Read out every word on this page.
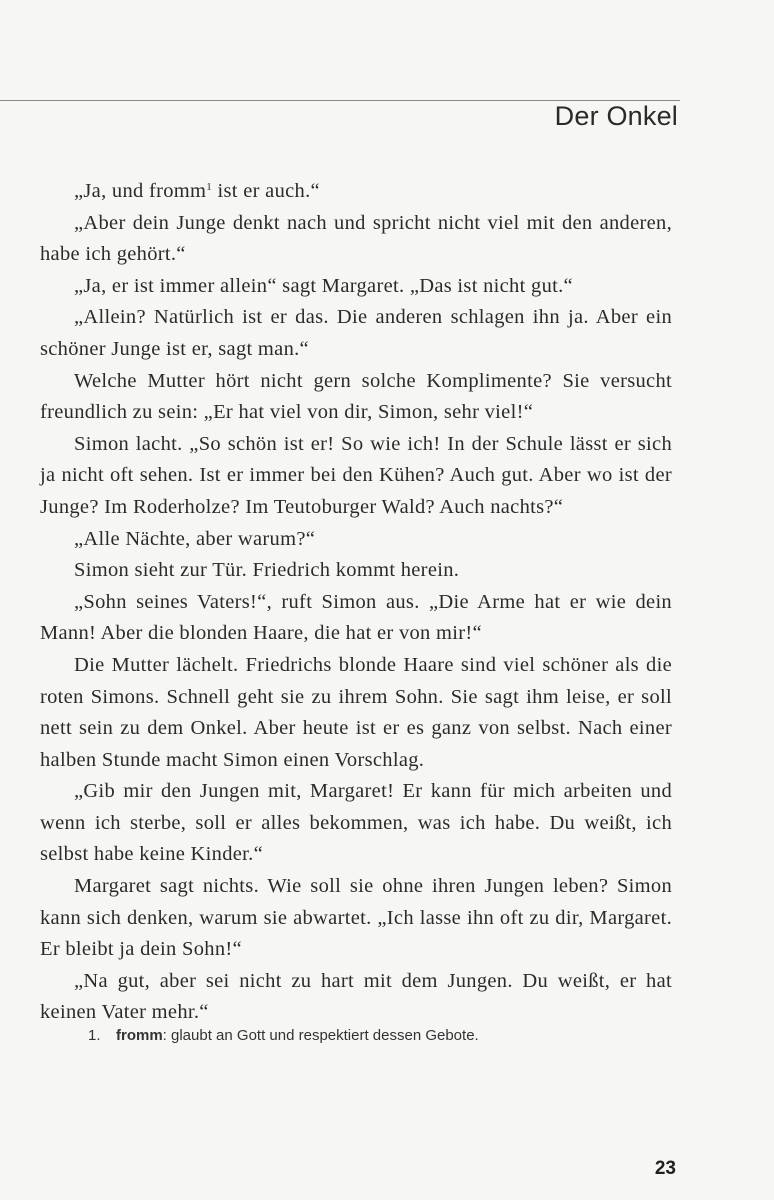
Der Onkel

„Ja, und fromm$^1$ ist er auch.“

„Aber dein Junge denkt nach und spricht nicht viel mit den anderen, habe ich gehört.“

„Ja, er ist immer allein“ sagt Margaret. „Das ist nicht gut.“

„Allein? Natürlich ist er das. Die anderen schlagen ihn ja. Aber ein schöner Junge ist er, sagt man.“

Welche Mutter hört nicht gern solche Komplimente? Sie versucht freundlich zu sein: „Er hat viel von dir, Simon, sehr viel!“

Simon lacht. „So schön ist er! So wie ich! In der Schule lässt er sich ja nicht oft sehen. Ist er immer bei den Kühen? Auch gut. Aber wo ist der Junge? Im Roderholze? Im Teutoburger Wald? Auch nachts?“

„Alle Nächte, aber warum?“

Simon sieht zur Tür. Friedrich kommt herein.

„Sohn seines Vaters!“, ruft Simon aus. „Die Arme hat er wie dein Mann! Aber die blonden Haare, die hat er von mir!“

Die Mutter lächelt. Friedrichs blonde Haare sind viel schöner als die roten Simons. Schnell geht sie zu ihrem Sohn. Sie sagt ihm leise, er soll nett sein zu dem Onkel. Aber heute ist er es ganz von selbst. Nach einer halben Stunde macht Simon einen Vorschlag.

„Gib mir den Jungen mit, Margaret! Er kann für mich arbeiten und wenn ich sterbe, soll er alles bekommen, was ich habe. Du weißt, ich selbst habe keine Kinder.“

Margaret sagt nichts. Wie soll sie ohne ihren Jungen leben? Simon kann sich denken, warum sie abwartet. „Ich lasse ihn oft zu dir, Margaret. Er bleibt ja dein Sohn!“

„Na gut, aber sei nicht zu hart mit dem Jungen. Du weißt, er hat keinen Vater mehr.“

1. fromm: glaubt an Gott und respektiert dessen Gebote.
23
